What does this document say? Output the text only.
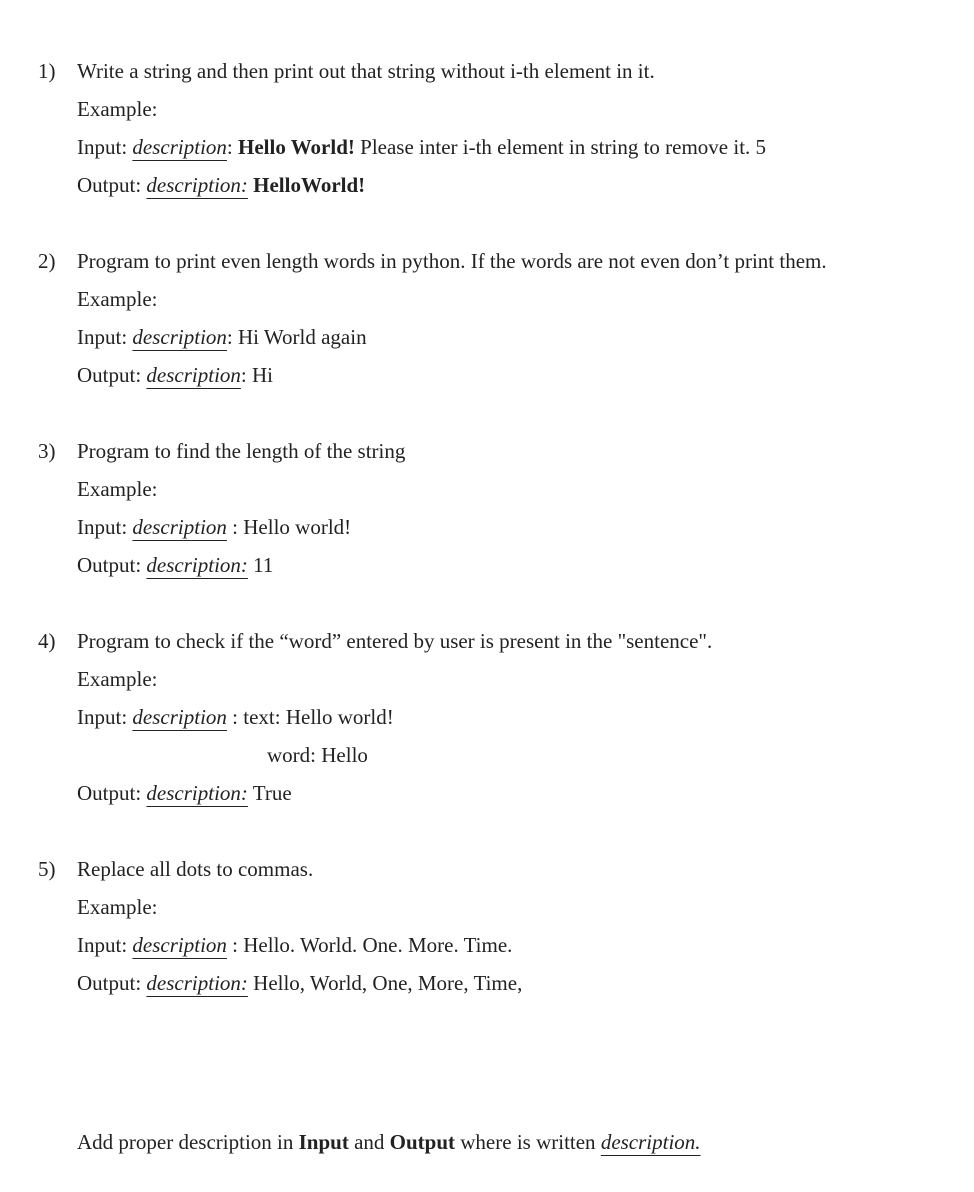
1)	Write a string and then print out that string without i-th element in it.
Example:
Input: description: Hello World! Please inter i-th element in string to remove it. 5
Output: description: HelloWorld!
2)	Program to print even length words in python. If the words are not even don’t print them.
Example:
Input: description: Hi World again
Output: description: Hi
3)	Program to find the length of the string
Example:
Input: description : Hello world!
Output: description: 11
4)	Program to check if the “word” entered by user is present in the "sentence".
Example:
Input: description : text: Hello world!
word: Hello
Output: description: True
5)	Replace all dots to commas.
Example:
Input: description : Hello. World. One. More. Time.
Output: description: Hello, World, One, More, Time,
Add proper description in Input and Output where is written description.
